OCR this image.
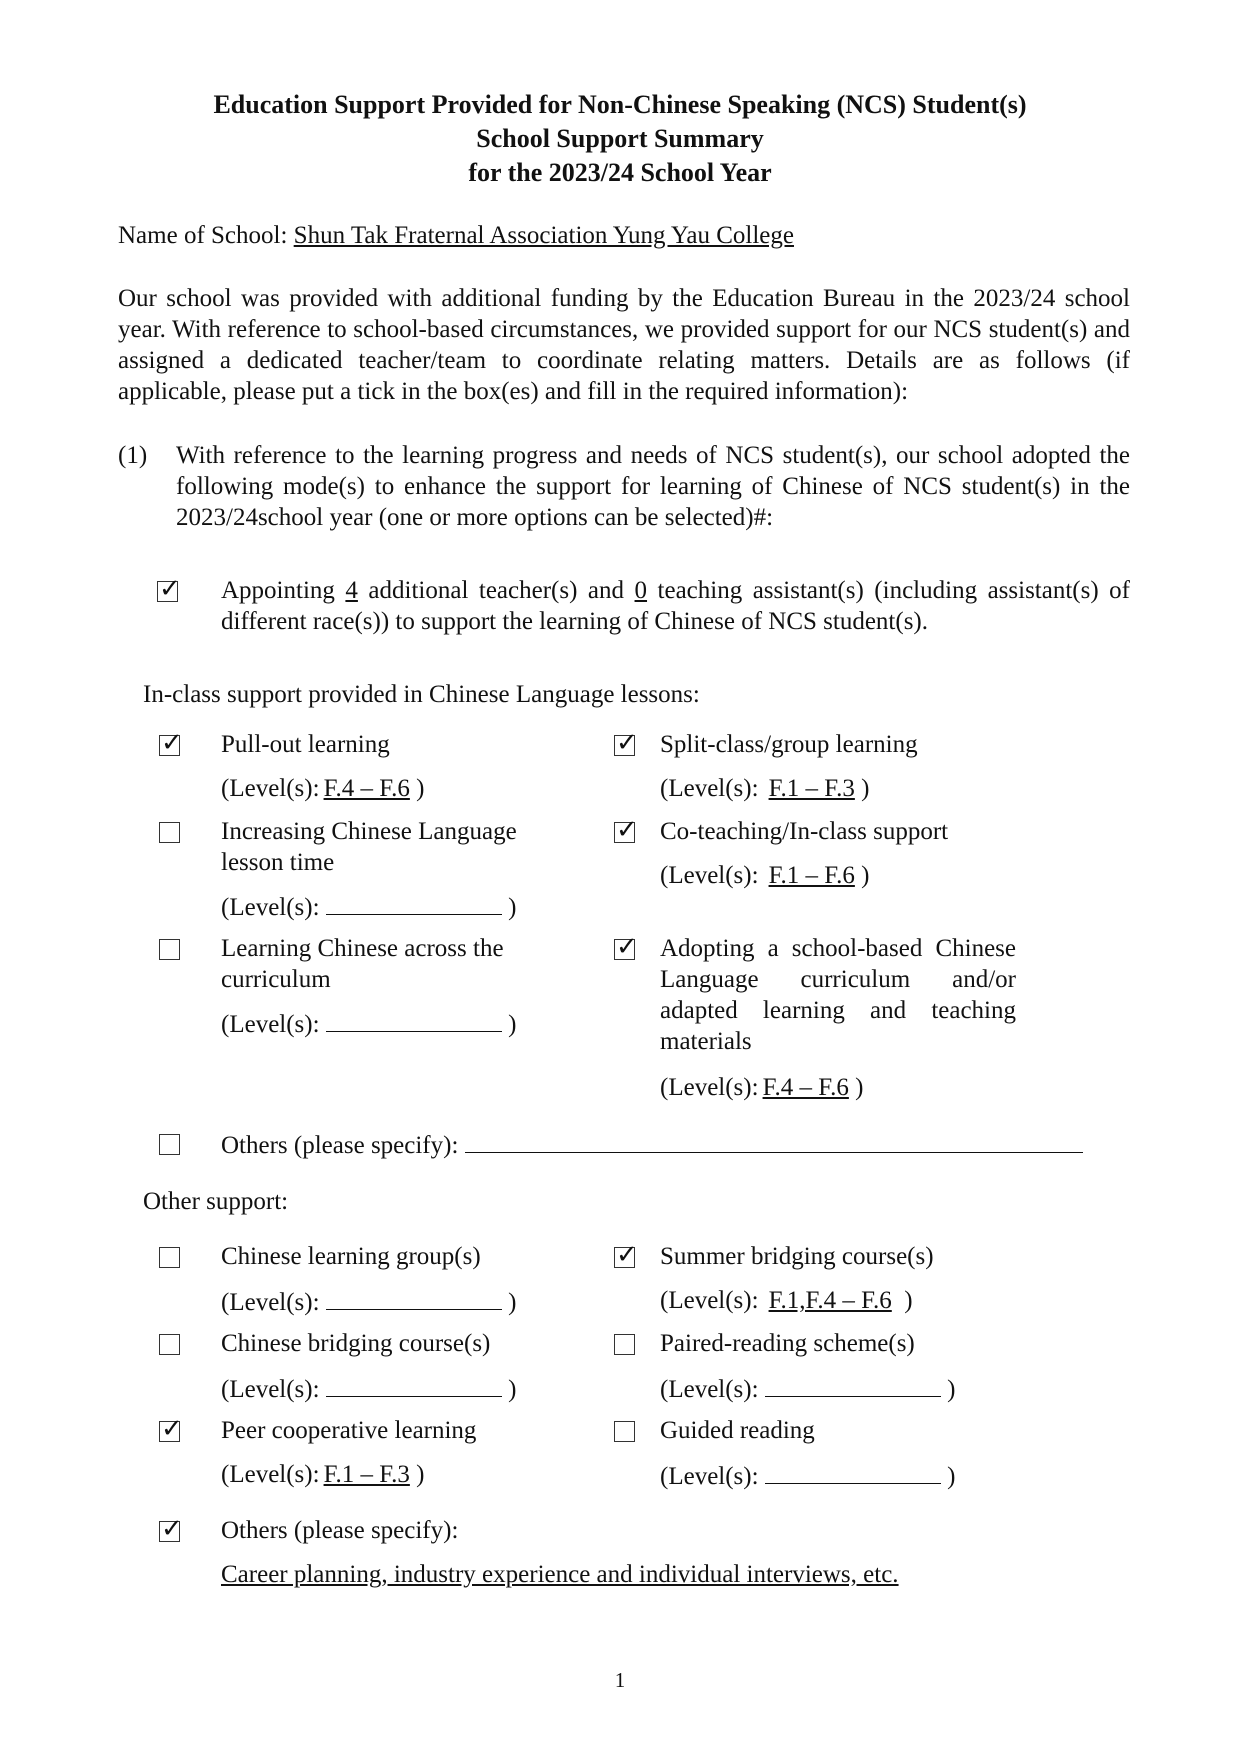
Education Support Provided for Non-Chinese Speaking (NCS) Student(s)
School Support Summary
for the 2023/24 School Year
Name of School: Shun Tak Fraternal Association Yung Yau College

Our school was provided with additional funding by the Education Bureau in the 2023/24 school year. With reference to school-based circumstances, we provided support for our NCS student(s) and assigned a dedicated teacher/team to coordinate relating matters. Details are as follows (if applicable, please put a tick in the box(es) and fill in the required information):

(1) With reference to the learning progress and needs of NCS student(s), our school adopted the following mode(s) to enhance the support for learning of Chinese of NCS student(s) in the 2023/24school year (one or more options can be selected)#:

✓ Appointing 4 additional teacher(s) and 0 teaching assistant(s) (including assistant(s) of different race(s)) to support the learning of Chinese of NCS student(s).

In-class support provided in Chinese Language lessons:
✓ Pull-out learning
(Level(s): F.4 – F.6 )
✓ Split-class/group learning
(Level(s): F.1 – F.3 )
Increasing Chinese Language lesson time
(Level(s):	)
✓ Co-teaching/In-class support
(Level(s): F.1 – F.6 )
Learning Chinese across the curriculum
(Level(s):	)
✓ Adopting a school-based Chinese Language curriculum and/or adapted learning and teaching materials
(Level(s): F.4 – F.6 )
Others (please specify):
Other support:
Chinese learning group(s)
(Level(s):	)
✓ Summer bridging course(s)
(Level(s): F.1,F.4 – F.6 )
Chinese bridging course(s)
(Level(s):	)
Paired-reading scheme(s)
(Level(s):	)
✓ Peer cooperative learning
(Level(s): F.1 – F.3 )
Guided reading
(Level(s):	)
✓ Others (please specify):
Career planning, industry experience and individual interviews, etc.
1
